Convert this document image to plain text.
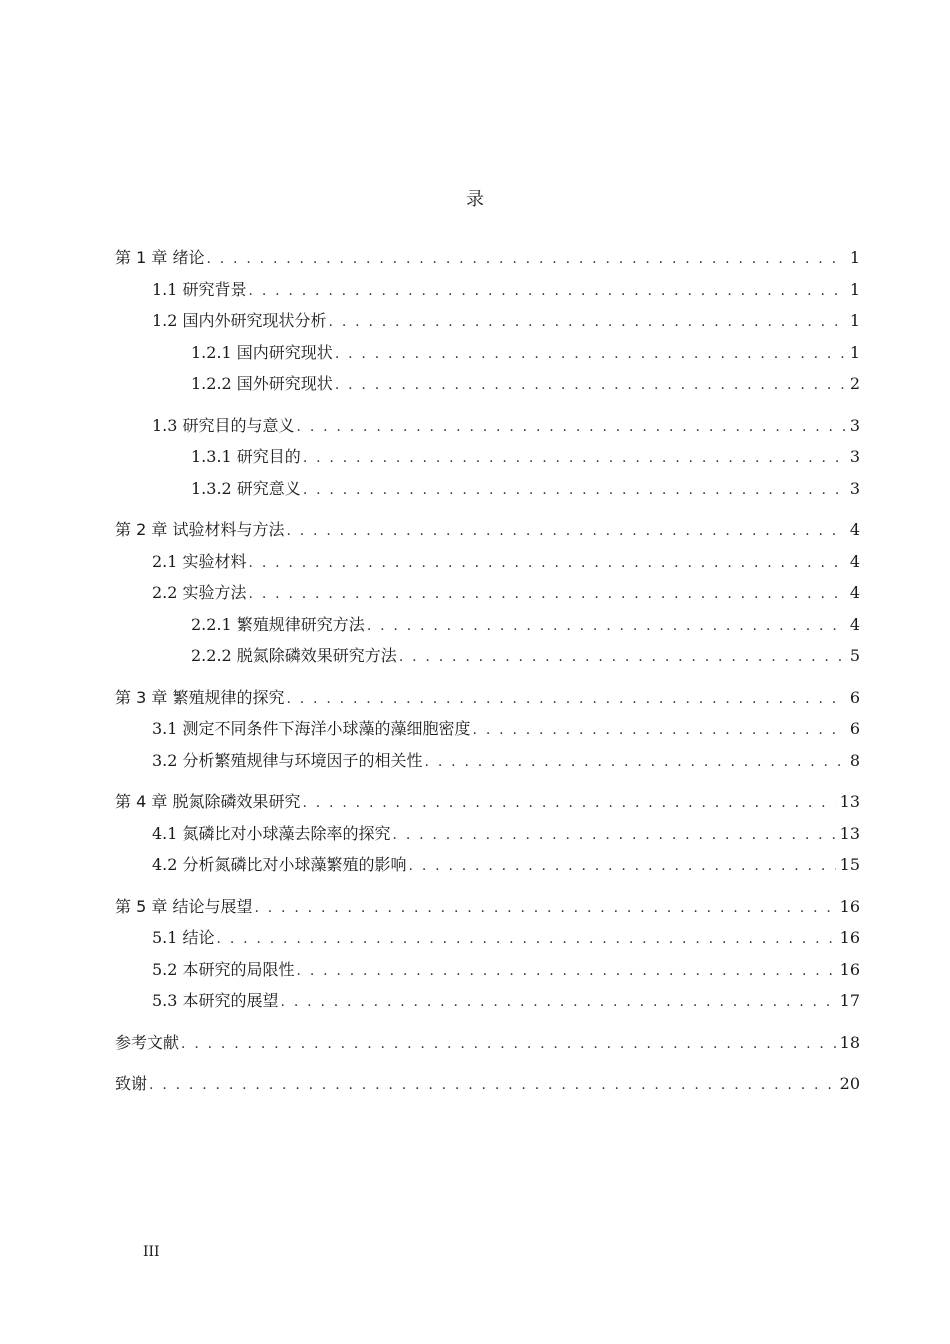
录
第 1 章 绪论 . . .	1
1.1 研究背景 . . .	1
1.2 国内外研究现状分析 . . .	1
1.2.1 国内研究现状 . . .	1
1.2.2 国外研究现状 . . .	2
1.3 研究目的与意义 . . .	3
1.3.1 研究目的 . . .	3
1.3.2 研究意义 . . .	3
第 2 章 试验材料与方法 . . .	4
2.1 实验材料 . . .	4
2.2 实验方法 . . .	4
2.2.1 繁殖规律研究方法 . . .	4
2.2.2 脱氮除磷效果研究方法 . . .	5
第 3 章 繁殖规律的探究 . . .	6
3.1 测定不同条件下海洋小球藻的藻细胞密度 . . .	6
3.2 分析繁殖规律与环境因子的相关性 . . .	8
第 4 章 脱氮除磷效果研究 . . .	13
4.1 氮磷比对小球藻去除率的探究 . . .	13
4.2 分析氮磷比对小球藻繁殖的影响 . . .	15
第 5 章 结论与展望 . . .	16
5.1 结论 . . .	16
5.2 本研究的局限性 . . .	16
5.3 本研究的展望 . . .	17
参考文献 . . .	18
致谢 . . .	20
III
